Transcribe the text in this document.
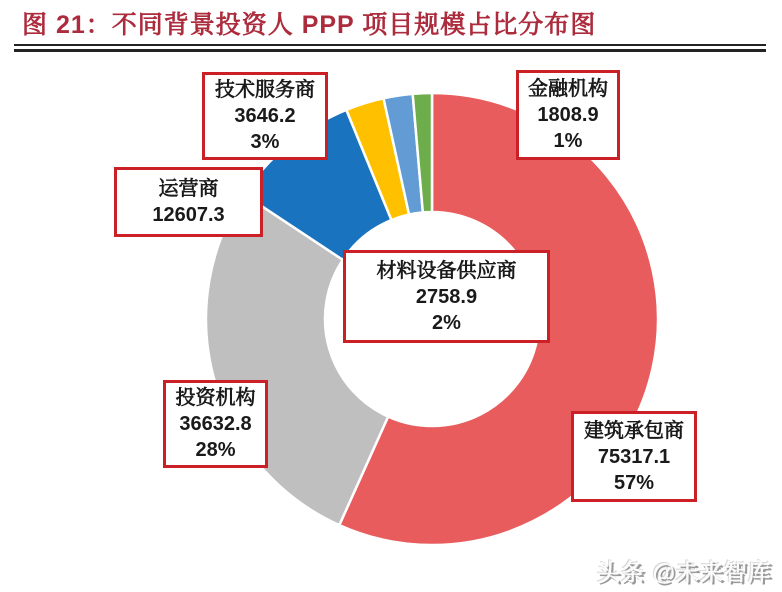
图 21：不同背景投资人 PPP 项目规模占比分布图
技术服务商
3646.2
3%
金融机构
1808.9
1%
运营商
12607.3
材料设备供应商
2758.9
2%
投资机构
36632.8
28%
建筑承包商
75317.1
57%
头条 @未来智库
